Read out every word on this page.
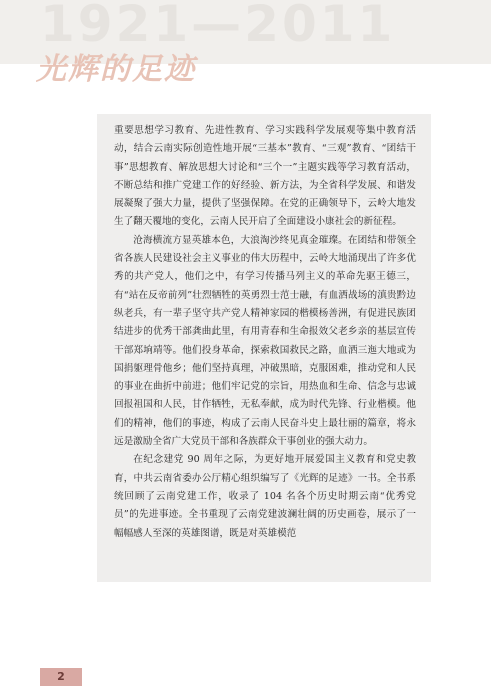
1921—2011
光辉的足迹

重要思想学习教育、先进性教育、学习实践科学发展观等集中教育活动，结合云南实际创造性地开展“三基本”教育、“三观”教育、“团结干事”思想教育、解放思想大讨论和“三个一”主题实践等学习教育活动，不断总结和推广党建工作的好经验、新方法，为全省科学发展、和谐发展凝聚了强大力量，提供了坚强保障。在党的正确领导下，云岭大地发生了翻天覆地的变化，云南人民开启了全面建设小康社会的新征程。

沧海横流方显英雄本色，大浪淘沙终见真金璀璨。在团结和带领全省各族人民建设社会主义事业的伟大历程中，云岭大地涌现出了许多优秀的共产党人，他们之中，有学习传播马列主义的革命先驱王德三，有“站在反帝前列”壮烈牺牲的英勇烈士范士融，有血洒战场的滇贵黔边纵老兵，有一辈子坚守共产党人精神家园的楷模杨善洲，有促进民族团结进步的优秀干部龚曲此里，有用青春和生命报效父老乡亲的基层宣传干部郑垧靖等。他们投身革命，探索救国救民之路，血洒三迤大地或为国捐躯理骨他乡；他们坚持真理，冲破黑暗，克服困难，推动党和人民的事业在曲折中前进；他们牢记党的宗旨，用热血和生命、信念与忠诚回报祖国和人民，甘作牺牲，无私奉献，成为时代先锋、行业楷模。他们的精神，他们的事迹，构成了云南人民奋斗史上最壮丽的篇章，将永远是激励全省广大党员干部和各族群众干事创业的强大动力。

在纪念建党 90 周年之际，为更好地开展爱国主义教育和党史教育，中共云南省委办公厅精心组织编写了《光辉的足迹》一书。全书系统回顾了云南党建工作，收录了 104 名各个历史时期云南“优秀党员”的先进事迹。全书重现了云南党建波澜壮阔的历史画卷，展示了一幅幅感人至深的英雄图谱，既是对英雄模范

2
